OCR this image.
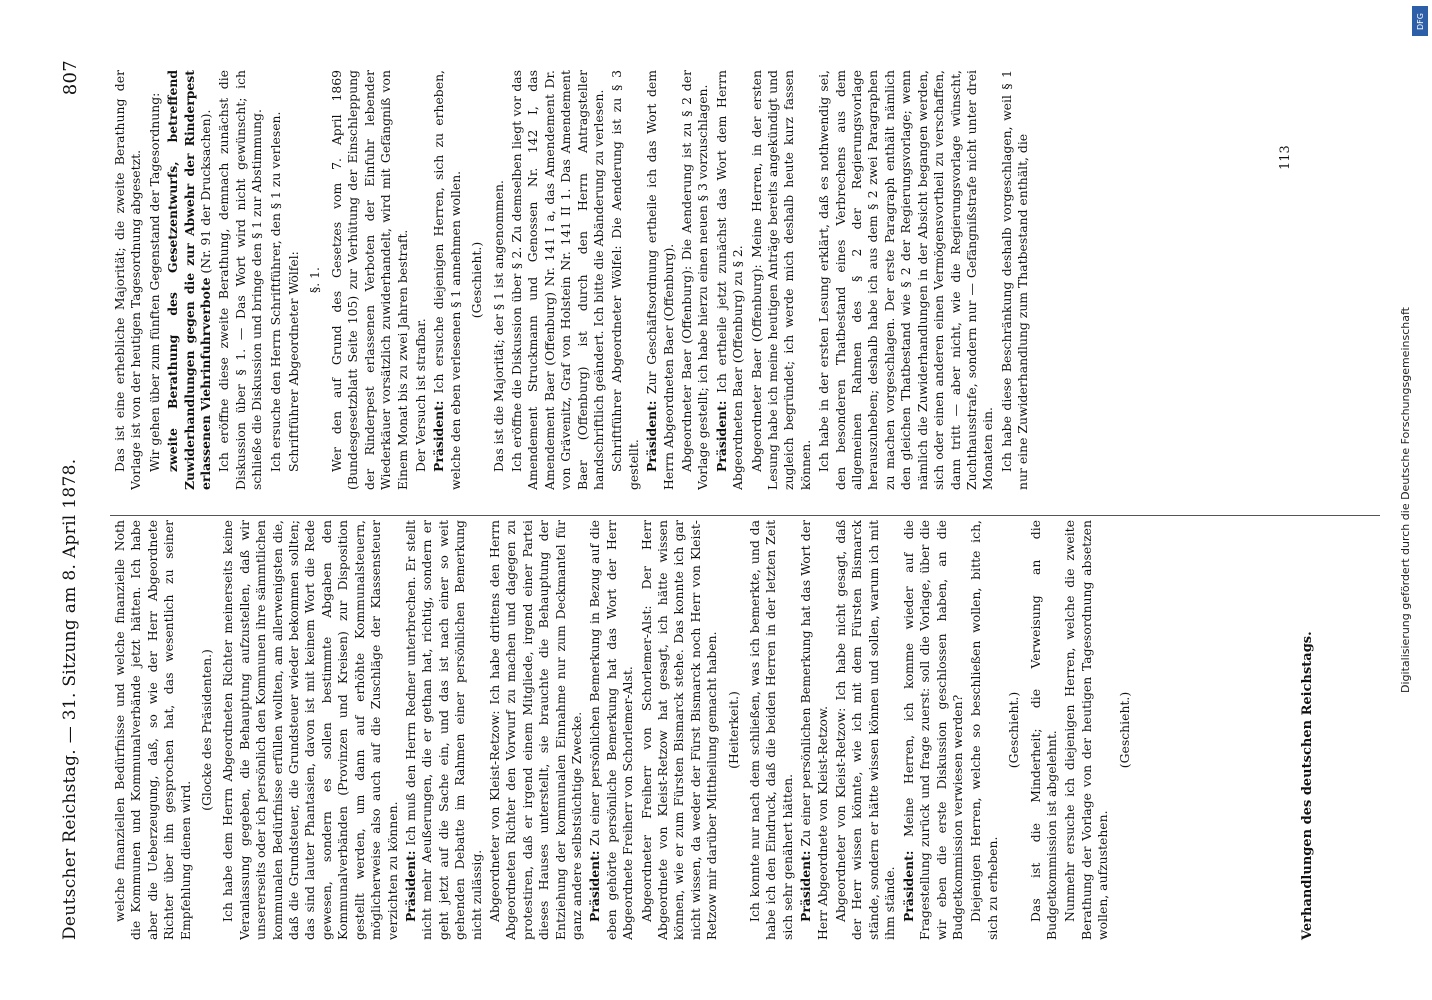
Deutscher Reichstag. — 31. Sitzung am 8. April 1878.
807

welche finanziellen Bedürfnisse und welche finanzielle Noth die Kommunen und Kommunalverbände jetzt hätten. Ich habe aber die Ueberzeugung, daß, so wie der Herr Abgeordnete Richter über ihn gesprochen hat, das wesentlich zu seiner Empfehlung dienen wird.

(Glocke des Präsidenten.) Ich habe dem Herrn Abgeordneten Richter meinerseits keine Veranlassung gegeben, die Behauptung aufzustellen, daß wir unsererseits oder ich persönlich den Kommunen ihre sämmtlichen kommunalen Bedürfnisse erfüllen wollten, am allerwenigsten die, daß die Grundsteuer, die Grundsteuer wieder bekommen sollten; das sind lauter Phantasien, davon ist mit keinem Wort die Rede gewesen, sondern es sollen bestimmte Abgaben den Kommunalverbänden (Provinzen und Kreisen) zur Disposition gestellt werden, um dann auf erhöhte Kommunalsteuern, möglicherweise also auch auf die Zuschläge der Klassensteuer verzichten zu können. Präsident: Ich muß den Herrn Redner unterbrechen. Er stellt nicht mehr Aeußerungen, die er gethan hat, richtig, sondern er geht jetzt auf die Sache ein, und das ist nach einer so weit gehenden Debatte im Rahmen einer persönlichen Bemerkung nicht zulässig. Abgeordneter von Kleist-Retzow: Ich habe drittens den Herrn Abgeordneten Richter den Vorwurf zu machen und dagegen zu protestiren, daß er irgend einem Mitgliede, irgend einer Partei dieses Hauses unterstellt, sie brauchte die Behauptung der Entziehung der kommunalen Einnahme nur zum Deckmantel für ganz andere selbstsüchtige Zwecke. Präsident: Zu einer persönlichen Bemerkung in Bezug auf die eben gehörte persönliche Bemerkung hat das Wort der Herr Abgeordnete Freiherr von Schorlemer-Alst. Abgeordneter Freiherr von Schorlemer-Alst: Der Herr Abgeordnete von Kleist-Retzow hat gesagt, ich hätte wissen können, wie er zum Fürsten Bismarck stehe. Das konnte ich gar nicht wissen, da weder der Fürst Bismarck noch Herr von Kleist-Retzow mir darüber Mittheilung gemacht haben. (Heiterkeit.) Ich konnte nur nach dem schließen, was ich bemerkte, und da habe ich den Eindruck, daß die beiden Herren in der letzten Zeit sich sehr genähert hätten. Präsident: Zu einer persönlichen Bemerkung hat das Wort der Herr Abgeordnete von Kleist-Retzow. Abgeordneter von Kleist-Retzow: Ich habe nicht gesagt, daß der Herr wissen könnte, wie ich mit dem Fürsten Bismarck stände, sondern er hätte wissen können und sollen, warum ich mit ihm stände. Präsident: Meine Herren, ich komme wieder auf die Fragestellung zurück und frage zuerst: soll die Vorlage, über die wir eben die erste Diskussion geschlossen haben, an die Budgetkommission verwiesen werden? Diejenigen Herren, welche so beschließen wollen, bitte ich, sich zu erheben.

(Geschieht.) Das ist die Minderheit; die Verweisung an die Budgetkommission ist abgelehnt. Nunmehr ersuche ich diejenigen Herren, welche die zweite Berathung der Vorlage von der heutigen Tagesordnung absetzen wollen, aufzustehen.

(Geschieht.)

Das ist eine erhebliche Majorität; die zweite Berathung der Vorlage ist von der heutigen Tagesordnung abgesetzt. Wir gehen über zum fünften Gegenstand der Tagesordnung: zweite Berathung des Gesetzentwurfs, betreffend Zuwiderhandlungen gegen die zur Abwehr der Rinderpest erlassenen Viehrinfuhrverbote (Nr. 91 der Drucksachen). Ich eröffne diese zweite Berathung, demnach zunächst die Diskussion über § 1. — Das Wort wird nicht gewünscht; ich schließe die Diskussion und bringe den § 1 zur Abstimmung. Ich ersuche den Herrn Schriftführer, den § 1 zu verlesen. Schriftführer Abgeordneter Wölfel: §. 1. Wer den auf Grund des Gesetzes vom 7. April 1869 (Bundesgesetzblatt Seite 105) zur Verhütung der Einschleppung der Rinderpest erlassenen Verboten der Einfuhr lebender Wiederkäuer vorsätzlich zuwiderhandelt, wird mit Gefängniß von Einem Monat bis zu zwei Jahren bestraft. Der Versuch ist strafbar. Präsident: Ich ersuche diejenigen Herren, sich zu erheben, welche den eben verlesenen § 1 annehmen wollen. (Geschieht.) Das ist die Majorität; der § 1 ist angenommen. Ich eröffne die Diskussion über § 2. Zu demselben liegt vor das Amendement Struckmann und Genossen Nr. 142 I, das Amendement Baer (Offenburg) Nr. 141 I a, das Amendement Dr. von Grävenitz, Graf von Holstein Nr. 141 II 1. Das Amendement Baer (Offenburg) ist durch den Herrn Antragsteller handschriftlich geändert. Ich bitte die Abänderung zu verlesen. Schriftführer Abgeordneter Wölfel: Die Aenderung ist zu § 3 gestellt. Präsident: Zur Geschäftsordnung ertheile ich das Wort dem Herrn Abgeordneten Baer (Offenburg). Abgeordneter Baer (Offenburg): Die Aenderung ist zu § 2 der Vorlage gestellt; ich habe hierzu einen neuen § 3 vorzuschlagen. Präsident: Ich ertheile jetzt zunächst das Wort dem Herrn Abgeordneten Baer (Offenburg) zu § 2. Abgeordneter Baer (Offenburg): Meine Herren, in der ersten Lesung habe ich meine heutigen Anträge bereits angekündigt und zugleich begründet; ich werde mich deshalb heute kurz fassen können. Ich habe in der ersten Lesung erklärt, daß es nothwendig sei, den besonderen Thatbestand eines Verbrechens aus dem allgemeinen Rahmen des § 2 der Regierungsvorlage herauszuheben; deshalb habe ich aus dem § 2 zwei Paragraphen zu machen vorgeschlagen. Der erste Paragraph enthält nämlich den gleichen Thatbestand wie § 2 der Regierungsvorlage; wenn nämlich die Zuwiderhandlungen in der Absicht begangen werden, sich oder einen anderen einen Vermögensvortheil zu verschaffen, dann tritt — aber nicht, wie die Regierungsvorlage wünscht, Zuchthausstrafe, sondern nur — Gefängnißstrafe nicht unter drei Monaten ein. Ich habe diese Beschränkung deshalb vorgeschlagen, weil § 1 nur eine Zuwiderhandlung zum Thatbestand enthält, die	113
Verhandlungen des deutschen Reichstags.
Digitalisierung gefördert durch die Deutsche Forschungsgemeinschaft
DFG
